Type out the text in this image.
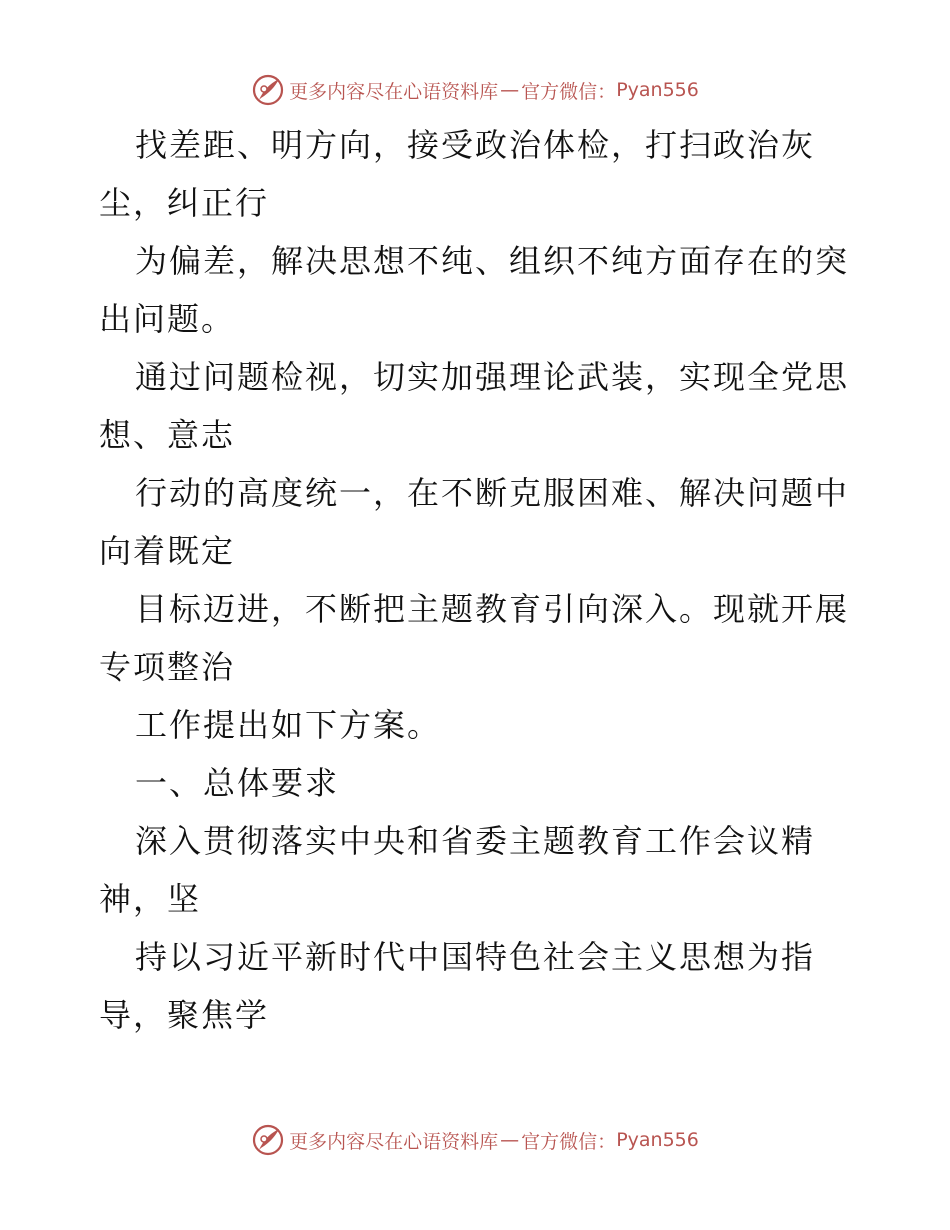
更多内容尽在心语资料库 — 官方微信： Pyan556
找差距、明方向，接受政治体检，打扫政治灰
尘，纠正行
为偏差，解决思想不纯、组织不纯方面存在的突
出问题。
通过问题检视，切实加强理论武装，实现全党思
想、意志
行动的高度统一，在不断克服困难、解决问题中
向着既定
目标迈进，不断把主题教育引向深入。现就开展
专项整治
工作提出如下方案。
一、总体要求
深入贯彻落实中央和省委主题教育工作会议精
神，坚
持以习近平新时代中国特色社会主义思想为指
导，聚焦学
更多内容尽在心语资料库 — 官方微信： Pyan556
